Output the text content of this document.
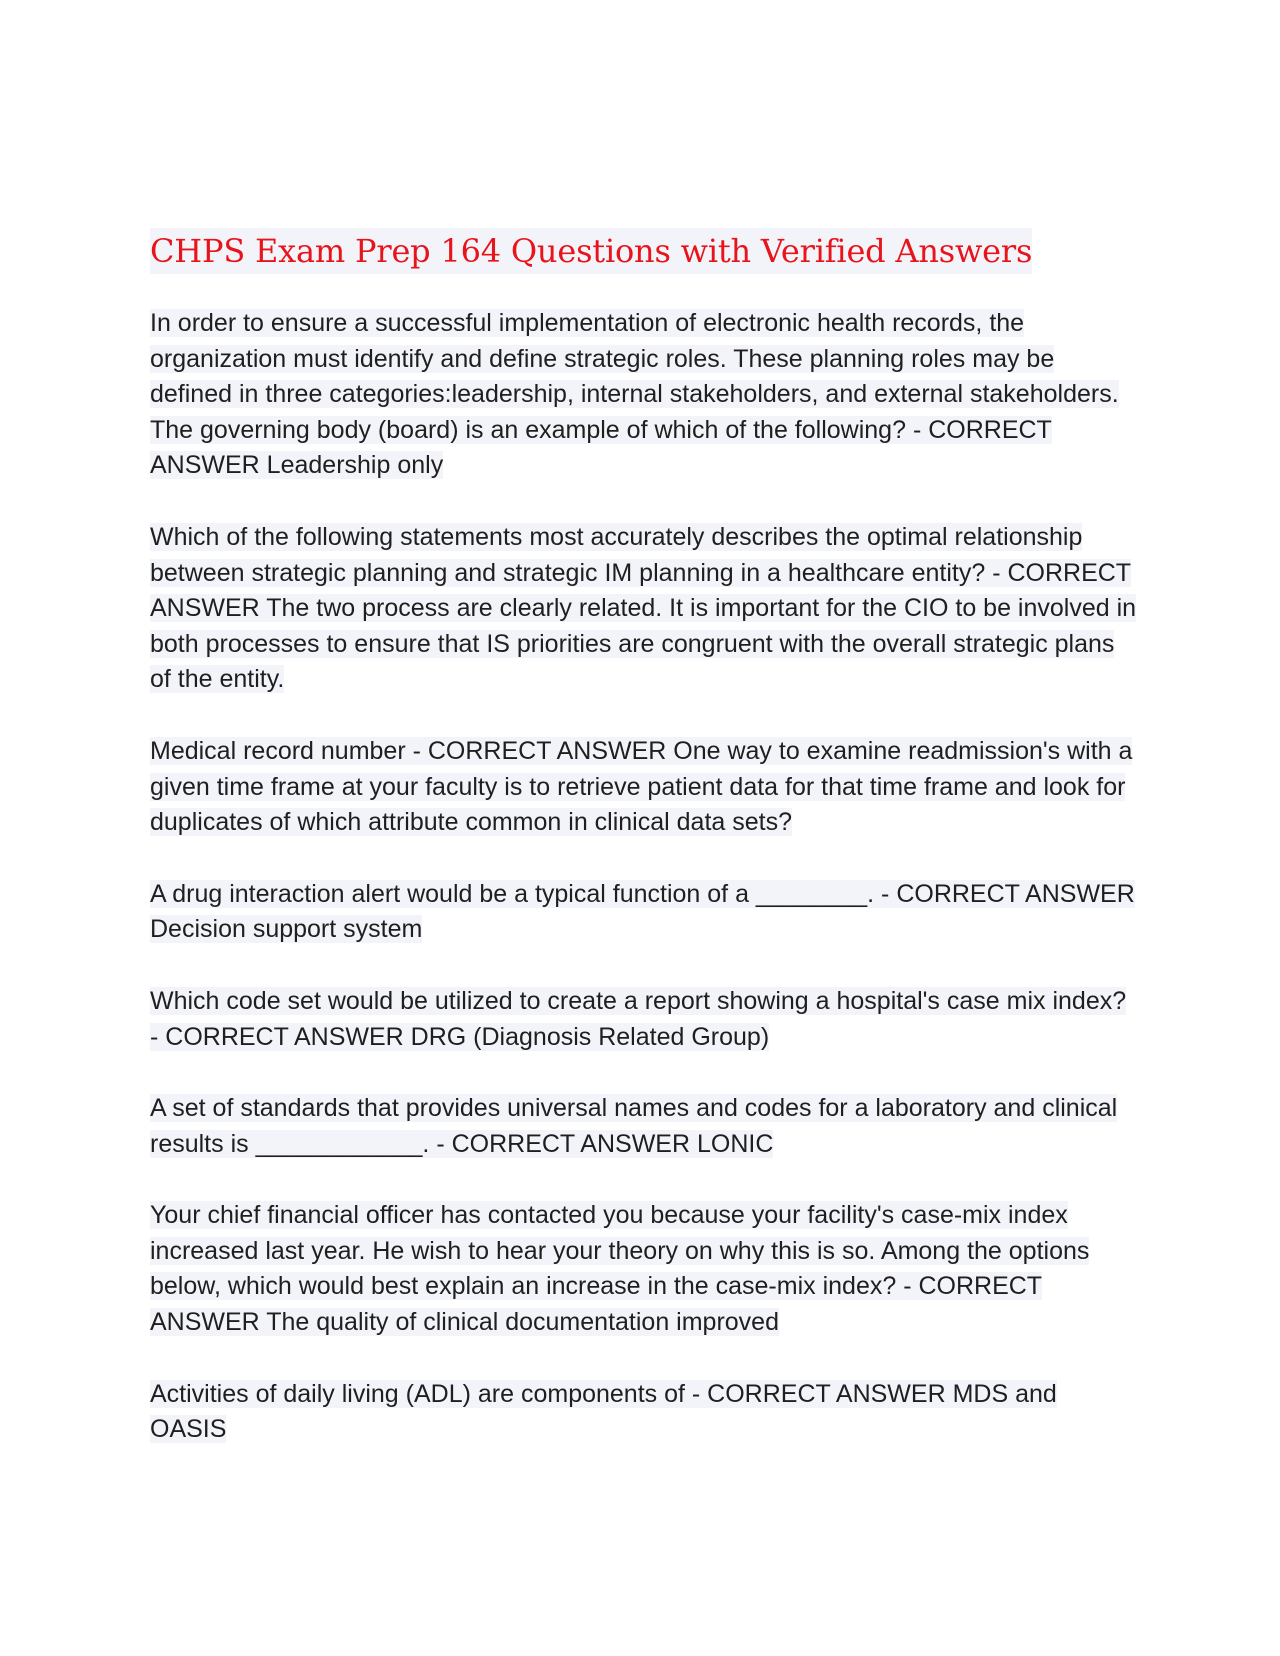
CHPS Exam Prep 164 Questions with Verified Answers

In order to ensure a successful implementation of electronic health records, the organization must identify and define strategic roles. These planning roles may be defined in three categories:leadership, internal stakeholders, and external stakeholders. The governing body (board) is an example of which of the following? - CORRECT ANSWER Leadership only

Which of the following statements most accurately describes the optimal relationship between strategic planning and strategic IM planning in a healthcare entity? - CORRECT ANSWER The two process are clearly related. It is important for the CIO to be involved in both processes to ensure that IS priorities are congruent with the overall strategic plans of the entity.

Medical record number - CORRECT ANSWER One way to examine readmission's with a given time frame at your faculty is to retrieve patient data for that time frame and look for duplicates of which attribute common in clinical data sets?

A drug interaction alert would be a typical function of a ________. - CORRECT ANSWER Decision support system

Which code set would be utilized to create a report showing a hospital's case mix index? - CORRECT ANSWER DRG (Diagnosis Related Group)

A set of standards that provides universal names and codes for a laboratory and clinical results is ____________. - CORRECT ANSWER LONIC

Your chief financial officer has contacted you because your facility's case-mix index increased last year. He wish to hear your theory on why this is so. Among the options below, which would best explain an increase in the case-mix index? - CORRECT ANSWER The quality of clinical documentation improved

Activities of daily living (ADL) are components of - CORRECT ANSWER MDS and OASIS
